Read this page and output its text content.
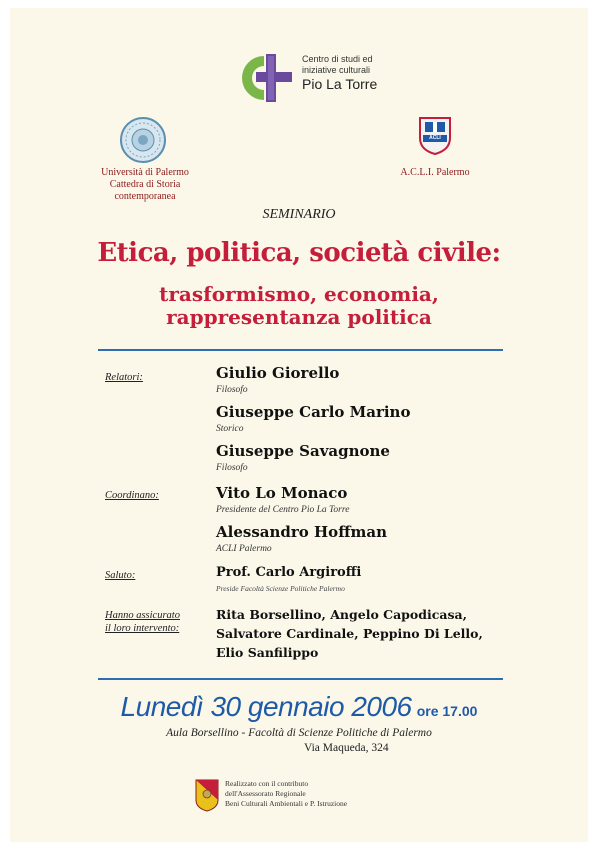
Centro di studi ed
iniziative culturali
Pio La Torre
Università di Palermo
Cattedra di Storia contemporanea
ACLI
A.C.L.I. Palermo
SEMINARIO
Etica, politica, società civile:
trasformismo, economia,
rappresentanza politica
Relatori:	Giulio Giorello
Filosofo
Giuseppe Carlo Marino
Storico
Giuseppe Savagnone
Filosofo
Coordinano:	Vito Lo Monaco
Presidente del Centro Pio La Torre
Alessandro Hoffman
ACLI Palermo
Saluto:	Prof. Carlo Argiroffi
Preside Facoltà Scienze Politiche Palermo
Hanno assicurato
il loro intervento:
Rita Borsellino, Angelo Capodicasa,
Salvatore Cardinale, Peppino Di Lello,
Elio Sanfilippo
Lunedì 30 gennaio 2006 ore 17.00
Aula Borsellino - Facoltà di Scienze Politiche di Palermo
Via Maqueda, 324
Realizzato con il contributo
dell'Assessorato Regionale
Beni Culturali Ambientali e P. Istruzione
